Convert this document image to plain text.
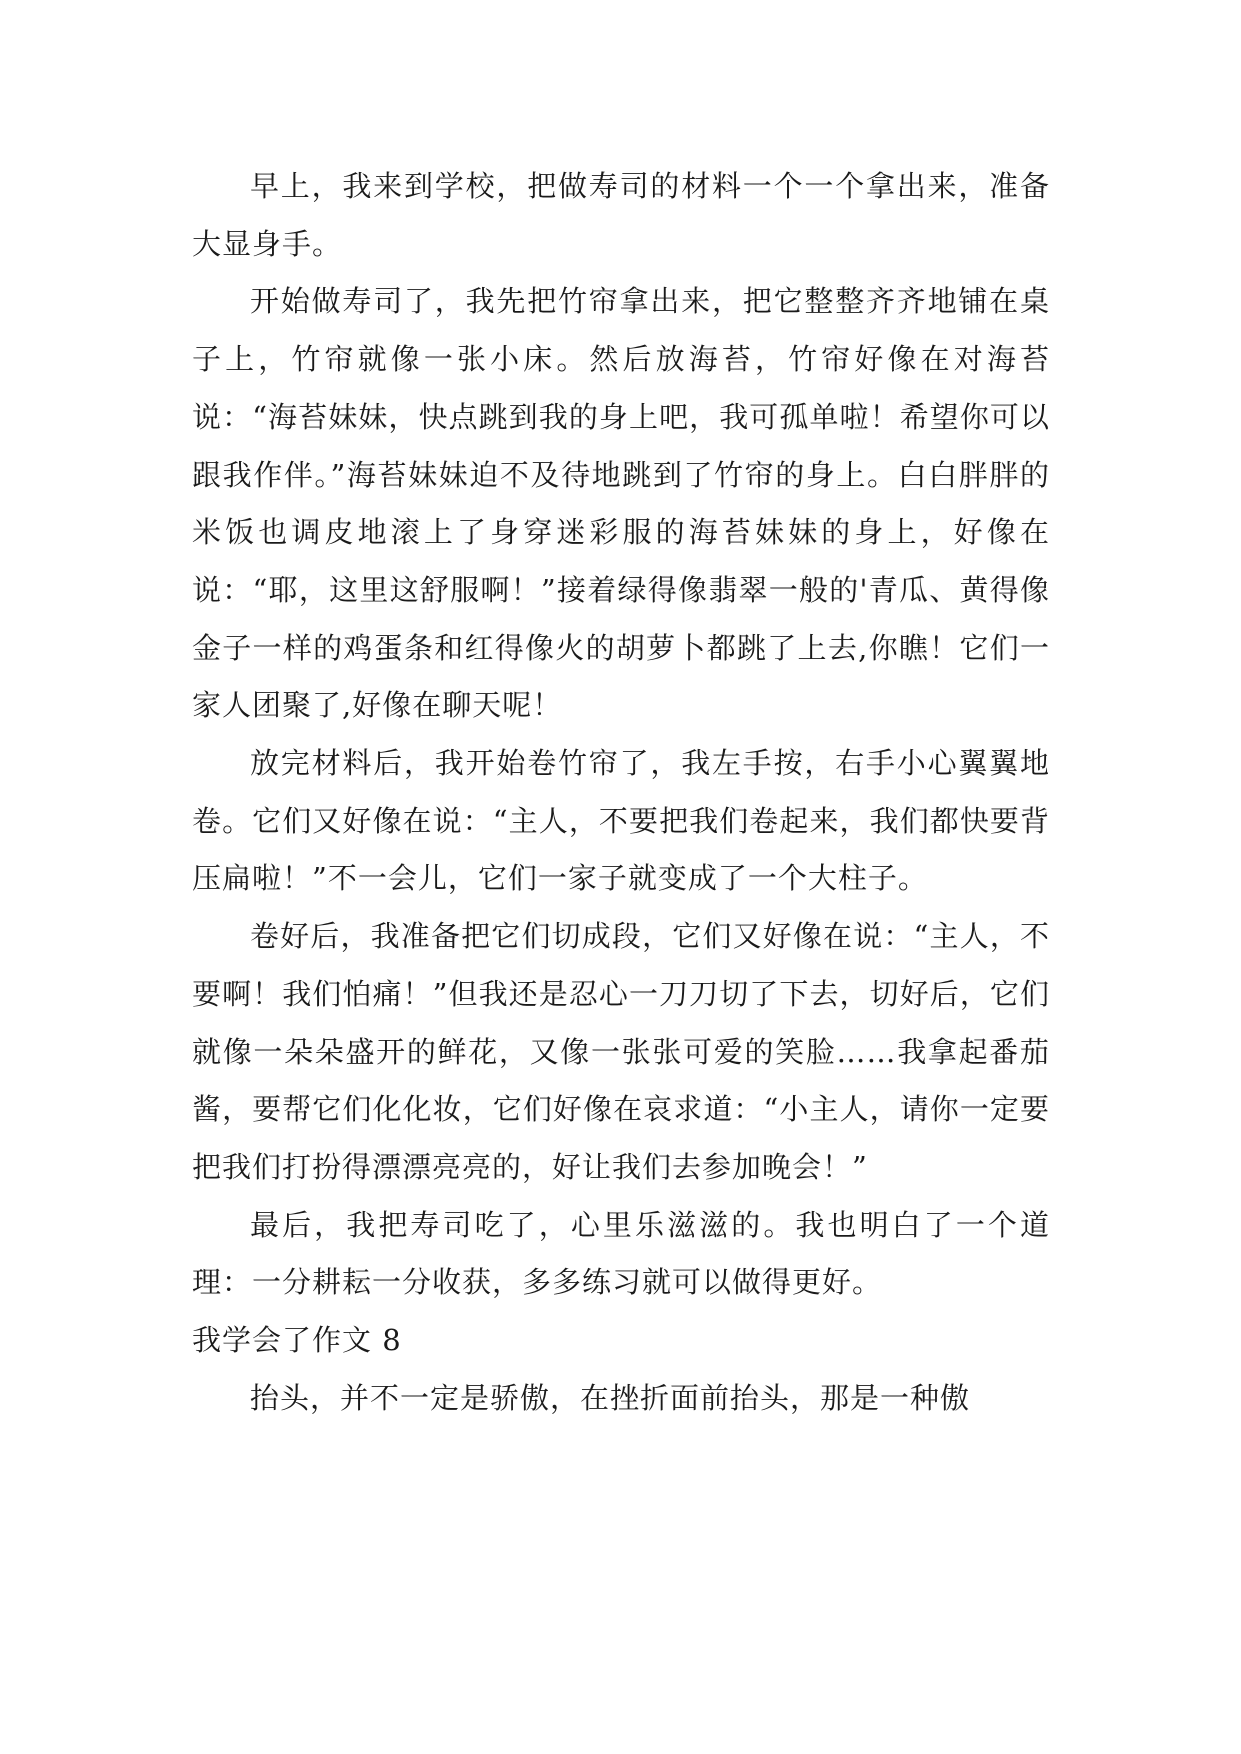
早上，我来到学校，把做寿司的材料一个一个拿出来，准备大显身手。

开始做寿司了，我先把竹帘拿出来，把它整整齐齐地铺在桌子上，竹帘就像一张小床。然后放海苔，竹帘好像在对海苔说：“海苔妹妹，快点跳到我的身上吧，我可孤单啦！希望你可以跟我作伴。”海苔妹妹迫不及待地跳到了竹帘的身上。白白胖胖的米饭也调皮地滚上了身穿迷彩服的海苔妹妹的身上，好像在说：“耶，这里这舒服啊！”接着绿得像翡翠一般的'青瓜、黄得像金子一样的鸡蛋条和红得像火的胡萝卜都跳了上去,你瞧！它们一家人团聚了,好像在聊天呢！

放完材料后，我开始卷竹帘了，我左手按，右手小心翼翼地卷。它们又好像在说：“主人，不要把我们卷起来，我们都快要背压扁啦！”不一会儿，它们一家子就变成了一个大柱子。

卷好后，我准备把它们切成段，它们又好像在说：“主人，不要啊！我们怕痛！”但我还是忍心一刀刀切了下去，切好后，它们就像一朵朵盛开的鲜花，又像一张张可爱的笑脸……我拿起番茄酱，要帮它们化化妆，它们好像在哀求道：“小主人，请你一定要把我们打扮得漂漂亮亮的，好让我们去参加晚会！”

最后，我把寿司吃了，心里乐滋滋的。我也明白了一个道理：一分耕耘一分收获，多多练习就可以做得更好。

我学会了作文 8

抬头，并不一定是骄傲，在挫折面前抬头，那是一种傲
